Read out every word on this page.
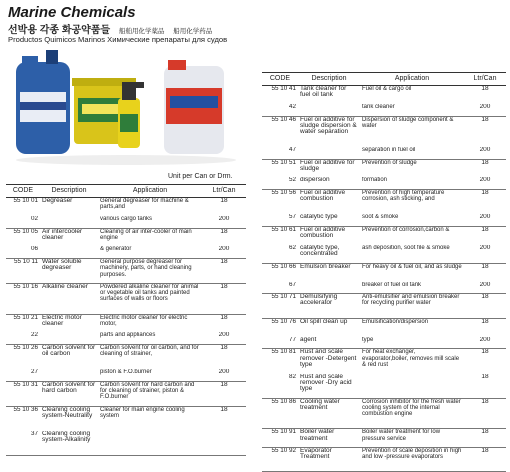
Marine Chemicals
선박용 각종 화공약품들 船舶用化学薬品 船用化学药品
Productos Quimicos Marinos Химические препараты для судов
Unit per Can or Drm.
CODE	Description	Application	Ltr/Can
55 10 01	Degreaser	General degreaser for machine & parts,and	18
02		various cargo tanks	200
55 10 05	Air intercooler cleaner	Cleaning of air inter-cooler of main engine	18
06		& generator	200
55 10 11	Water soluble degreaser	General purpose degreaser for machinery, parts, or hand cleaning purposes.	18
55 10 16	Alkaline cleaner	Powdered alkaline cleaner for animal or vegetable oil tanks and painted surfaces of walls or floors	18
55 10 21	Electric motor cleaner	Electric motor cleaner for electric motor,	18
22		parts and appliances	200
55 10 26	Carbon solvent for oil carbon	Carbon solvent for oil carbon, and for cleaning of strainer,	18
27		piston & F.O.burner	200
55 10 31	Carbon solvent for hard carbon	Carbon solvent for hard carbon and for cleaning of strainer, piston & F.O.burner	18
55 10 36	Cleaning cooling system-Neutrality	Cleaner for main engine cooling system	18
37	Cleaning cooling system-Alkalinity		
CODE	Description	Application	Ltr/Can
55 10 41	Tank cleaner for fuel oil tank	Fuel oil & cargo oil	18
42		tank cleaner	200
55 10 46	Fuel oil additive for sludge dispersion & water separation	Dispersion of sludge component & water	18
47		separation in fuel oil	200
55 10 51	Fuel oil additive for sludge	Prevention of sludge	18
52	dispersion	formation	200
55 10 56	Fuel oil additive combustion	Prevention of high temperature corrosion, ash sticking, and	18
57	catalytic type	soot & smoke	200
55 10 61	Fuel oil additive combustion	Prevention of corrosion,carbon &	18
62	catalytic type, concentrated	ash deposition, soot file & smoke	200
55 10 66	Emulsion breaker	For heavy oil & fuel oil, and as sludge	18
67		breaker of fuel oil tank	200
55 10 71	Demulsifying accelerator	Anti-emulsifier and emulsion breaker for recycling purifier water	18
55 10 76	Oil spill clean up	Emulsification/dispersion	18
77	agent	type	200
55 10 81	Rust and scale remover -Detergent type	For heat exchanger, evaporator,boiler, removes mill scale & red rust	18
82	Rust and scale remover -Dry acid type		18
55 10 86	Cooling water treatment	Corrosion inhibitor for the fresh water cooling system of the internal combustion engine	18
55 10 91	Boiler water treatment	Boiler water treatment for low pressure service	18
55 10 92	Evaporator Treatment	Prevention of scale deposition in high and low -pressure evaporators	18
